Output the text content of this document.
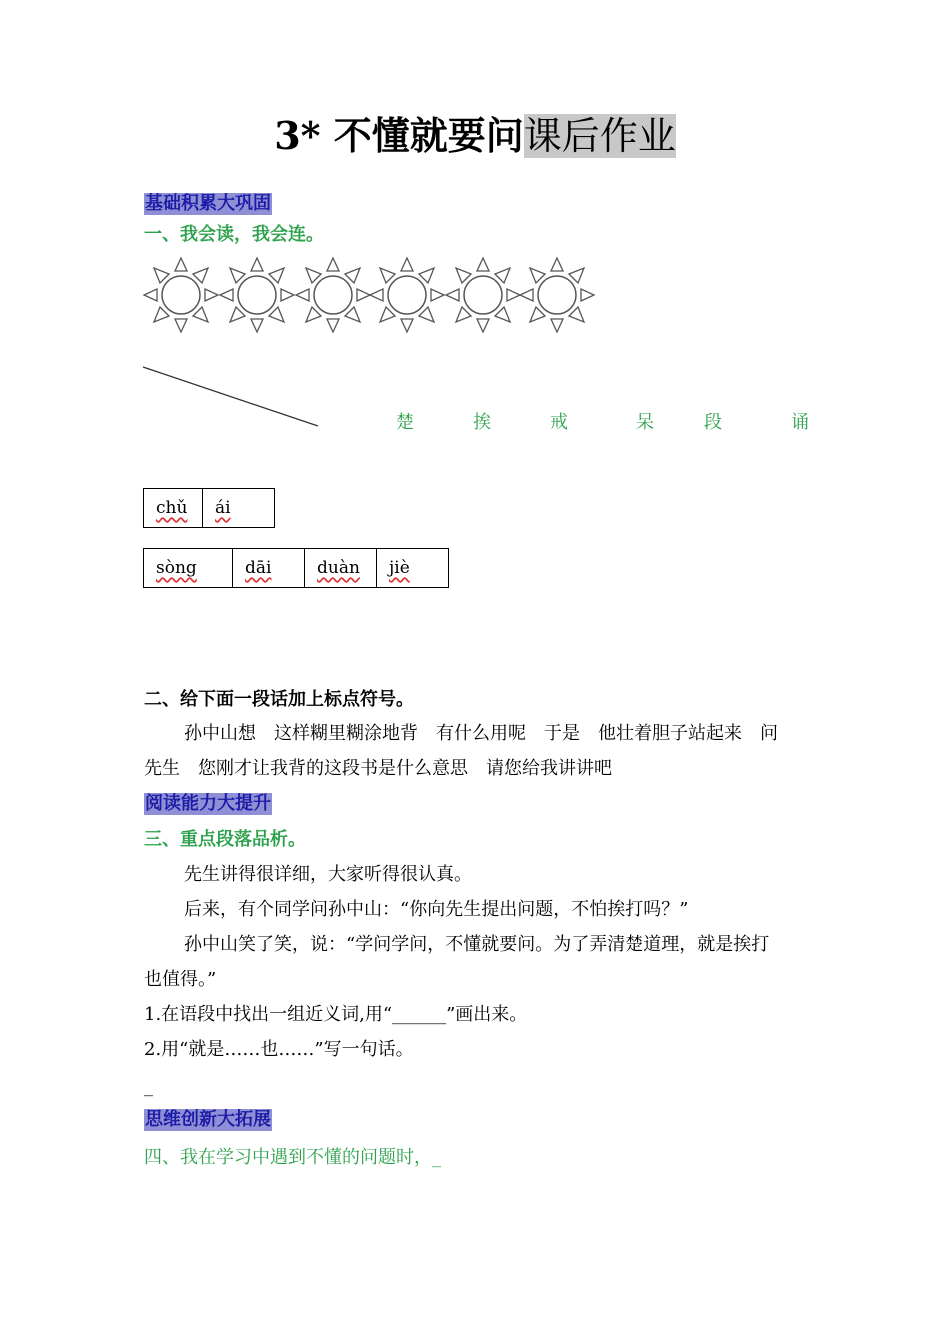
3* 不懂就要问课后作业
基础积累大巩固
一、我会读，我会连。
楚	挨	戒	呆	段	诵
chǔ	ái
sòng	dāi	duàn	jiè
二、给下面一段话加上标点符号。
孙中山想　这样糊里糊涂地背　有什么用呢　于是　他壮着胆子站起来　问
先生　您刚才让我背的这段书是什么意思　请您给我讲讲吧
阅读能力大提升
三、重点段落品析。
先生讲得很详细，大家听得很认真。
后来，有个同学问孙中山：“你向先生提出问题，不怕挨打吗？”
孙中山笑了笑，说：“学问学问，不懂就要问。为了弄清楚道理，就是挨打
也值得。”
1.在语段中找出一组近义词,用“______”画出来。
2.用“就是……也……”写一句话。
_
思维创新大拓展
四、我在学习中遇到不懂的问题时，_
